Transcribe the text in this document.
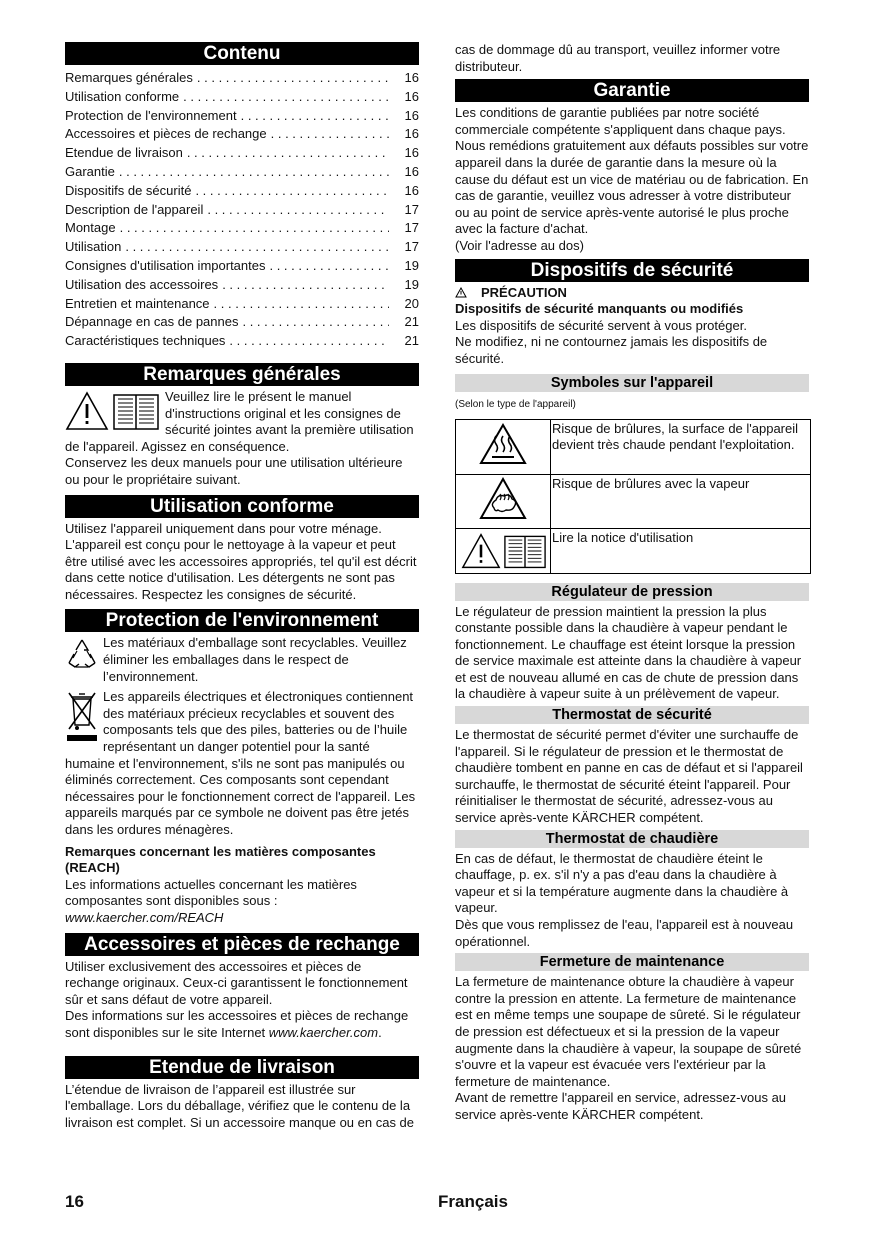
Contenu
Remarques générales . . .	16
Utilisation conforme . . .	16
Protection de l'environnement . . .	16
Accessoires et pièces de rechange . . .	16
Etendue de livraison . . .	16
Garantie . . .	16
Dispositifs de sécurité . . .	16
Description de l'appareil . . .	17
Montage . . .	17
Utilisation . . .	17
Consignes d'utilisation importantes . . .	19
Utilisation des accessoires . . .	19
Entretien et maintenance . . .	20
Dépannage en cas de pannes . . .	21
Caractéristiques techniques . . .	21
Remarques générales

Veuillez lire le présent le manuel d'instructions original et les consignes de sécurité jointes avant la première utilisation de l'appareil. Agissez en conséquence.

Conservez les deux manuels pour une utilisation ultérieure ou pour le propriétaire suivant.

Utilisation conforme

Utilisez l'appareil uniquement dans pour votre ménage. L'appareil est conçu pour le nettoyage à la vapeur et peut être utilisé avec les accessoires appropriés, tel qu'il est décrit dans cette notice d'utilisation. Les détergents ne sont pas nécessaires. Respectez les consignes de sécurité.

Protection de l'environnement

Les matériaux d'emballage sont recyclables. Veuillez éliminer les emballages dans le respect de l’environnement.

Les appareils électriques et électroniques contiennent des matériaux précieux recyclables et souvent des composants tels que des piles, batteries ou de l’huile représentant un danger potentiel pour la santé humaine et l'environnement, s'ils ne sont pas manipulés ou éliminés correctement. Ces composants sont cependant nécessaires pour le fonctionnement correct de l'appareil. Les appareils marqués par ce symbole ne doivent pas être jetés dans les ordures ménagères.

Remarques concernant les matières composantes (REACH)

Les informations actuelles concernant les matières composantes sont disponibles sous : www.kaercher.com/REACH

Accessoires et pièces de rechange

Utiliser exclusivement des accessoires et pièces de rechange originaux. Ceux-ci garantissent le fonctionnement sûr et sans défaut de votre appareil.

Des informations sur les accessoires et pièces de rechange sont disponibles sur le site Internet www.kaercher.com.

Etendue de livraison

L’étendue de livraison de l’appareil est illustrée sur l'emballage. Lors du déballage, vérifiez que le contenu de la livraison est complet. Si un accessoire manque ou en cas de

cas de dommage dû au transport, veuillez informer votre distributeur.

Garantie

Les conditions de garantie publiées par notre société commerciale compétente s'appliquent dans chaque pays. Nous remédions gratuitement aux défauts possibles sur votre appareil dans la durée de garantie dans la mesure où la cause du défaut est un vice de matériau ou de fabrication. En cas de garantie, veuillez vous adresser à votre distributeur ou au point de service après-vente autorisé le plus proche avec la facture d'achat.

(Voir l'adresse au dos)

Dispositifs de sécurité

PRÉCAUTION

Dispositifs de sécurité manquants ou modifiés

Les dispositifs de sécurité servent à vous protéger.

Ne modifiez, ni ne contournez jamais les dispositifs de sécurité.

Symboles sur l'appareil

(Selon le type de l'appareil)

	Risque de brûlures, la surface de l'appareil devient très chaude pendant l'exploitation.
	Risque de brûlures avec la vapeur

	Lire la notice d'utilisation
Régulateur de pression

Le régulateur de pression maintient la pression la plus constante possible dans la chaudière à vapeur pendant le fonctionnement. Le chauffage est éteint lorsque la pression de service maximale est atteinte dans la chaudière à vapeur et est de nouveau allumé en cas de chute de pression dans la chaudière à vapeur suite à un prélèvement de vapeur.

Thermostat de sécurité

Le thermostat de sécurité permet d'éviter une surchauffe de l'appareil. Si le régulateur de pression et le thermostat de chaudière tombent en panne en cas de défaut et si l'appareil surchauffe, le thermostat de sécurité éteint l'appareil. Pour réinitialiser le thermostat de sécurité, adressez-vous au service après-vente KÄRCHER compétent.

Thermostat de chaudière

En cas de défaut, le thermostat de chaudière éteint le chauffage, p. ex. s'il n'y a pas d'eau dans la chaudière à vapeur et si la température augmente dans la chaudière à vapeur.

Dès que vous remplissez de l'eau, l'appareil est à nouveau opérationnel.

Fermeture de maintenance

La fermeture de maintenance obture la chaudière à vapeur contre la pression en attente. La fermeture de maintenance est en même temps une soupape de sûreté. Si le régulateur de pression est défectueux et si la pression de la vapeur augmente dans la chaudière à vapeur, la soupape de sûreté s'ouvre et la vapeur est évacuée vers l'extérieur par la fermeture de maintenance.

Avant de remettre l'appareil en service, adressez-vous au service après-vente KÄRCHER compétent.

16	Français
